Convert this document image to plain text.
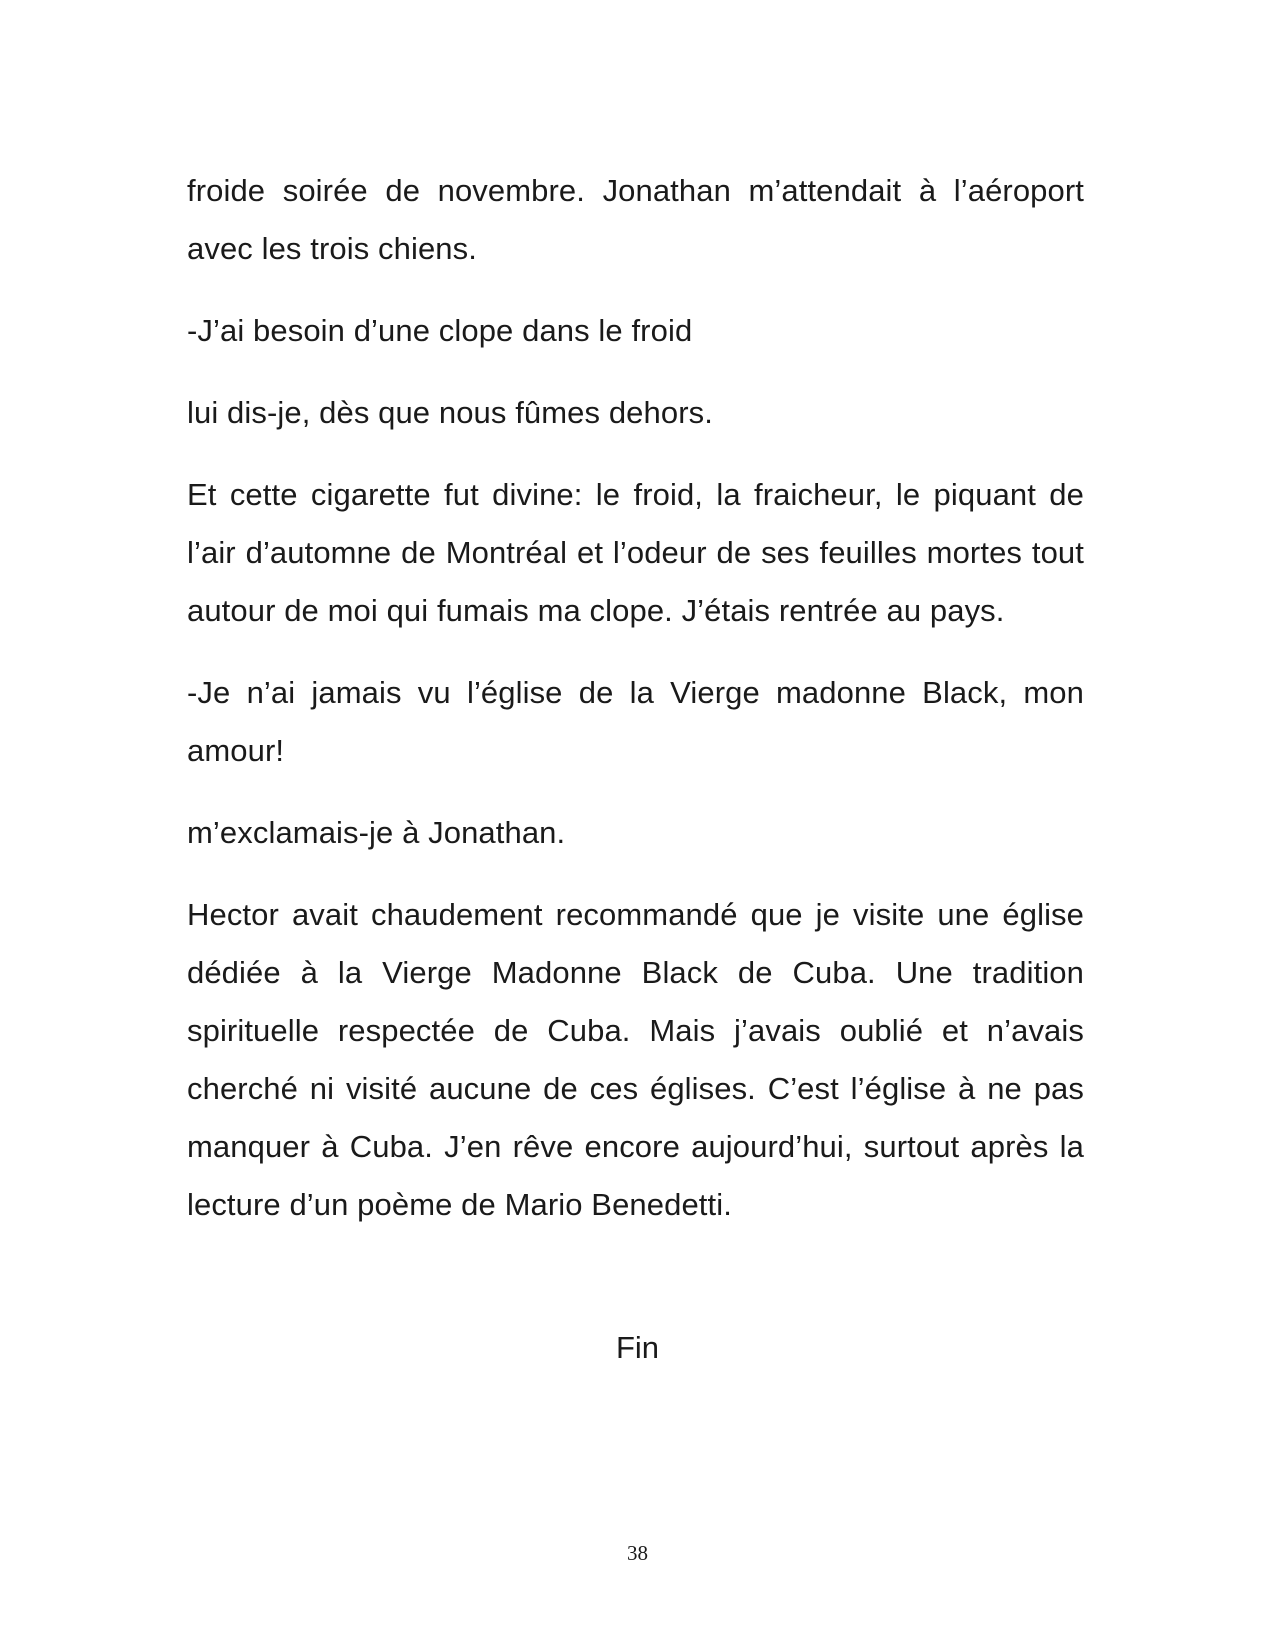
froide soirée de novembre. Jonathan m’attendait à l’aéroport avec les trois chiens.

-J’ai besoin d’une clope dans le froid

lui dis-je, dès que nous fûmes dehors.

Et cette cigarette fut divine: le froid, la fraicheur, le piquant de l’air d’automne de Montréal et l’odeur de ses feuilles mortes tout autour de moi qui fumais ma clope. J’étais rentrée au pays.

-Je n’ai jamais vu l’église de la Vierge madonne Black, mon amour!

m’exclamais-je à Jonathan.

Hector avait chaudement recommandé que je visite une église dédiée à la Vierge Madonne Black de Cuba. Une tradition spirituelle respectée de Cuba. Mais j’avais oublié et n’avais cherché ni visité aucune de ces églises. C’est l’église à ne pas manquer à Cuba. J’en rêve encore aujourd’hui, surtout après la lecture d’un poème de Mario Benedetti.

Fin
38
